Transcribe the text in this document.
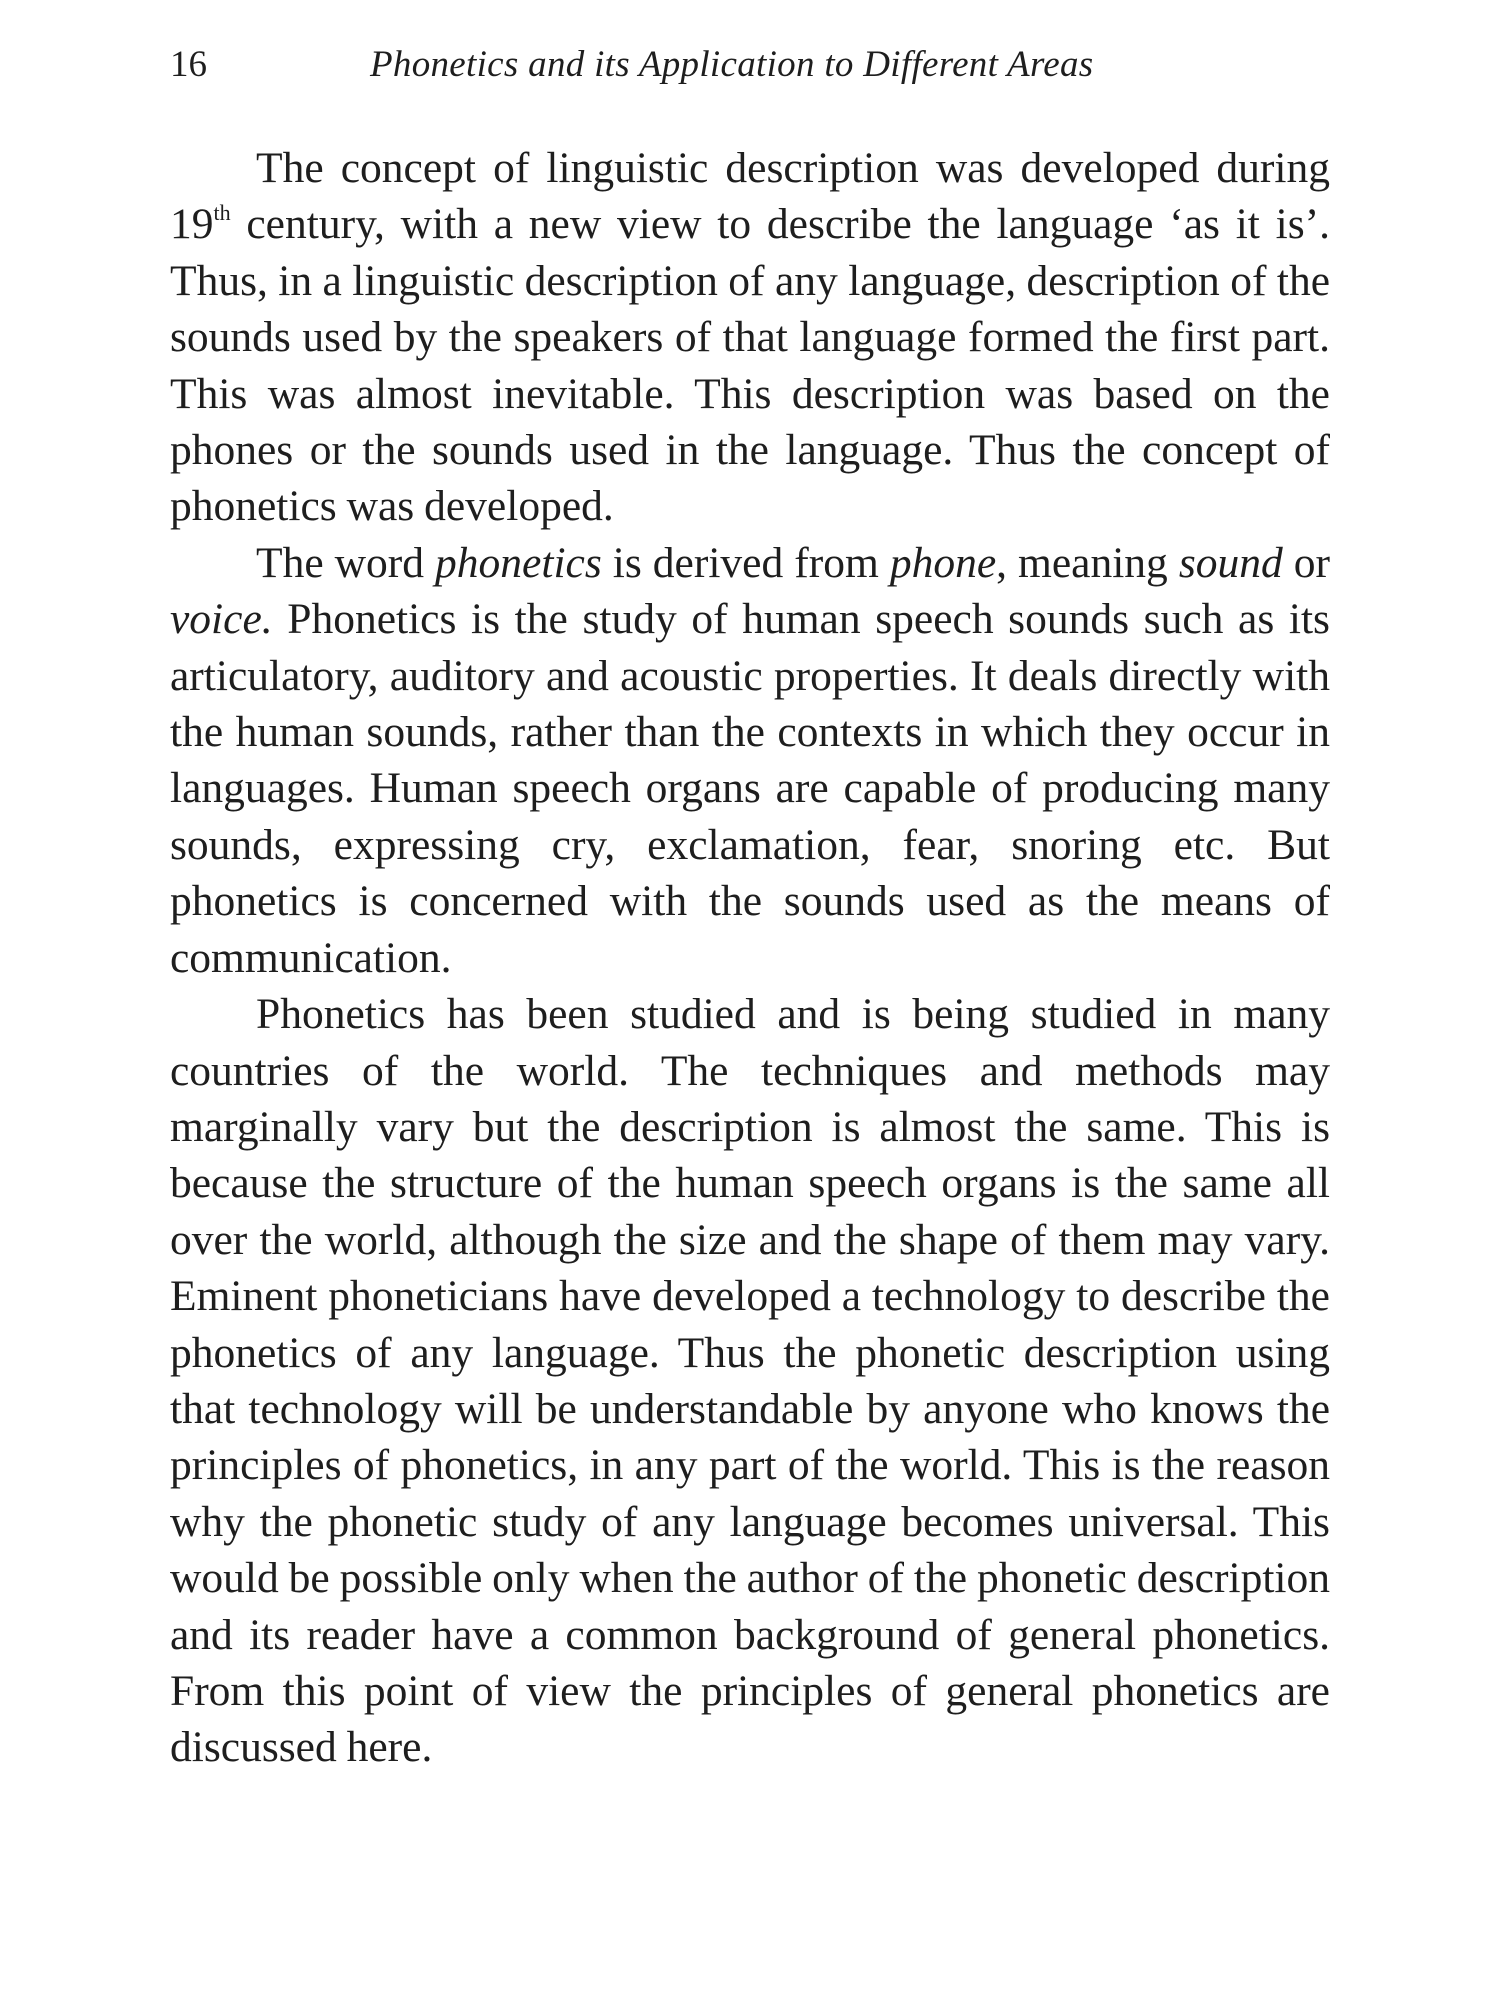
16	Phonetics and its Application to Different Areas

The concept of linguistic description was developed during 19th century, with a new view to describe the language ‘as it is’. Thus, in a linguistic description of any language, description of the sounds used by the speakers of that language formed the first part. This was almost inevitable. This description was based on the phones or the sounds used in the language. Thus the concept of phonetics was developed.

The word phonetics is derived from phone, meaning sound or voice. Phonetics is the study of human speech sounds such as its articulatory, auditory and acoustic properties. It deals directly with the human sounds, rather than the contexts in which they occur in languages. Human speech organs are capable of producing many sounds, expressing cry, exclamation, fear, snoring etc. But phonetics is concerned with the sounds used as the means of communication.

Phonetics has been studied and is being studied in many countries of the world. The techniques and methods may marginally vary but the description is almost the same. This is because the structure of the human speech organs is the same all over the world, although the size and the shape of them may vary. Eminent phoneticians have developed a technology to describe the phonetics of any language. Thus the phonetic description using that technology will be understandable by anyone who knows the principles of phonetics, in any part of the world. This is the reason why the phonetic study of any language becomes universal. This would be possible only when the author of the phonetic description and its reader have a common background of general phonetics. From this point of view the principles of general phonetics are discussed here.
